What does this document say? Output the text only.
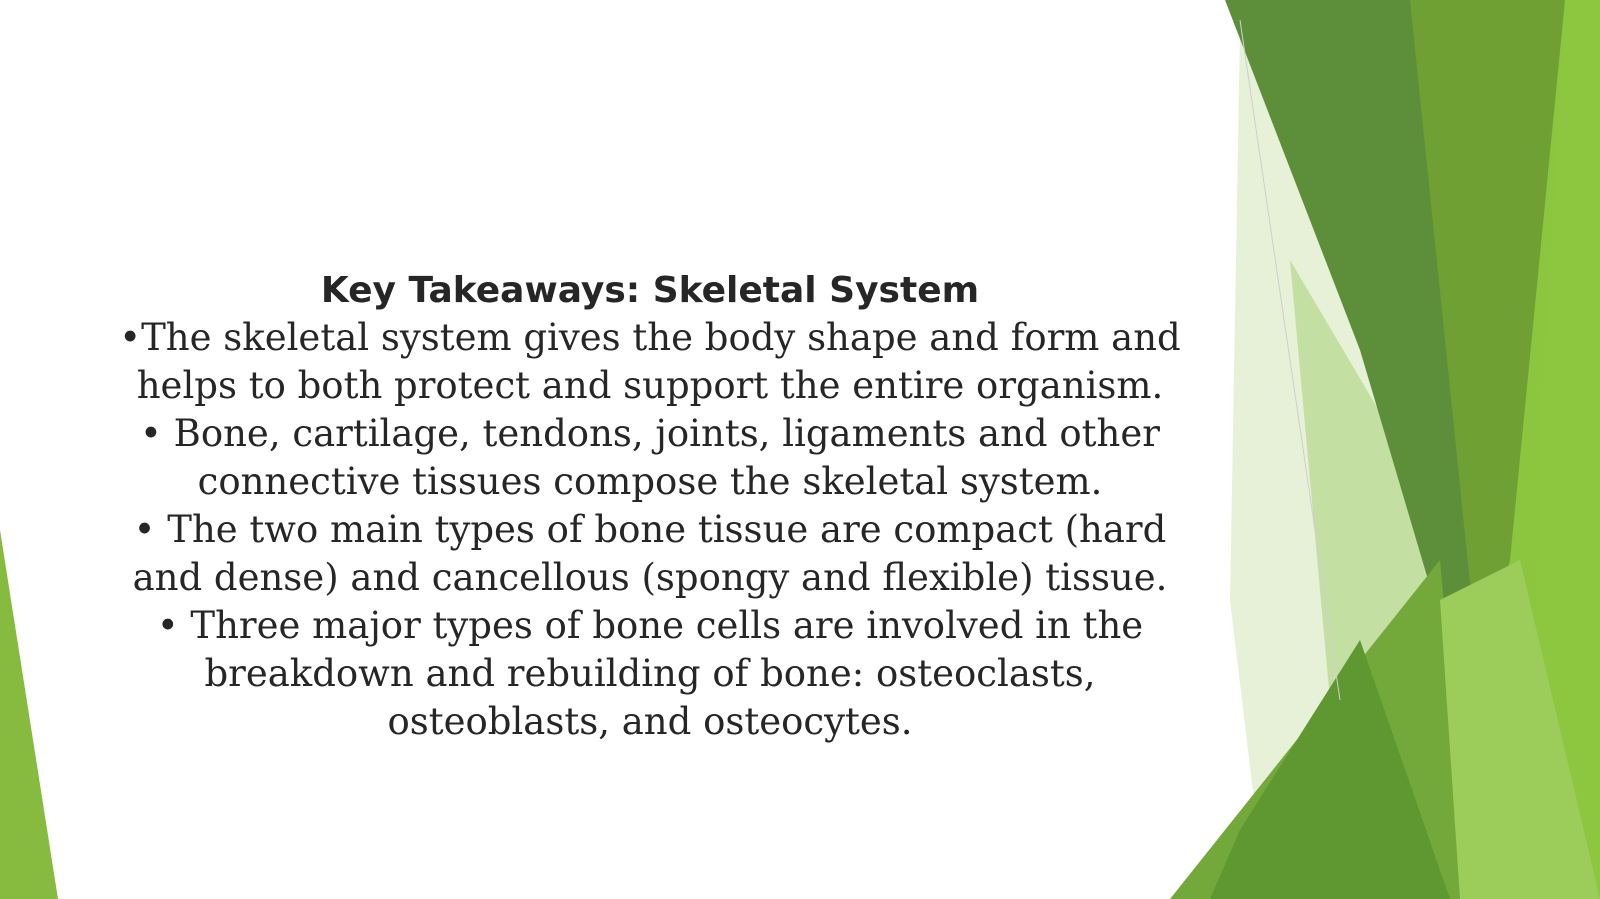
Key Takeaways: Skeletal System
•The skeletal system gives the body shape and form and helps to both protect and support the entire organism.
• Bone, cartilage, tendons, joints, ligaments and other connective tissues compose the skeletal system.
• The two main types of bone tissue are compact (hard and dense) and cancellous (spongy and flexible) tissue.
• Three major types of bone cells are involved in the breakdown and rebuilding of bone: osteoclasts, osteoblasts, and osteocytes.
